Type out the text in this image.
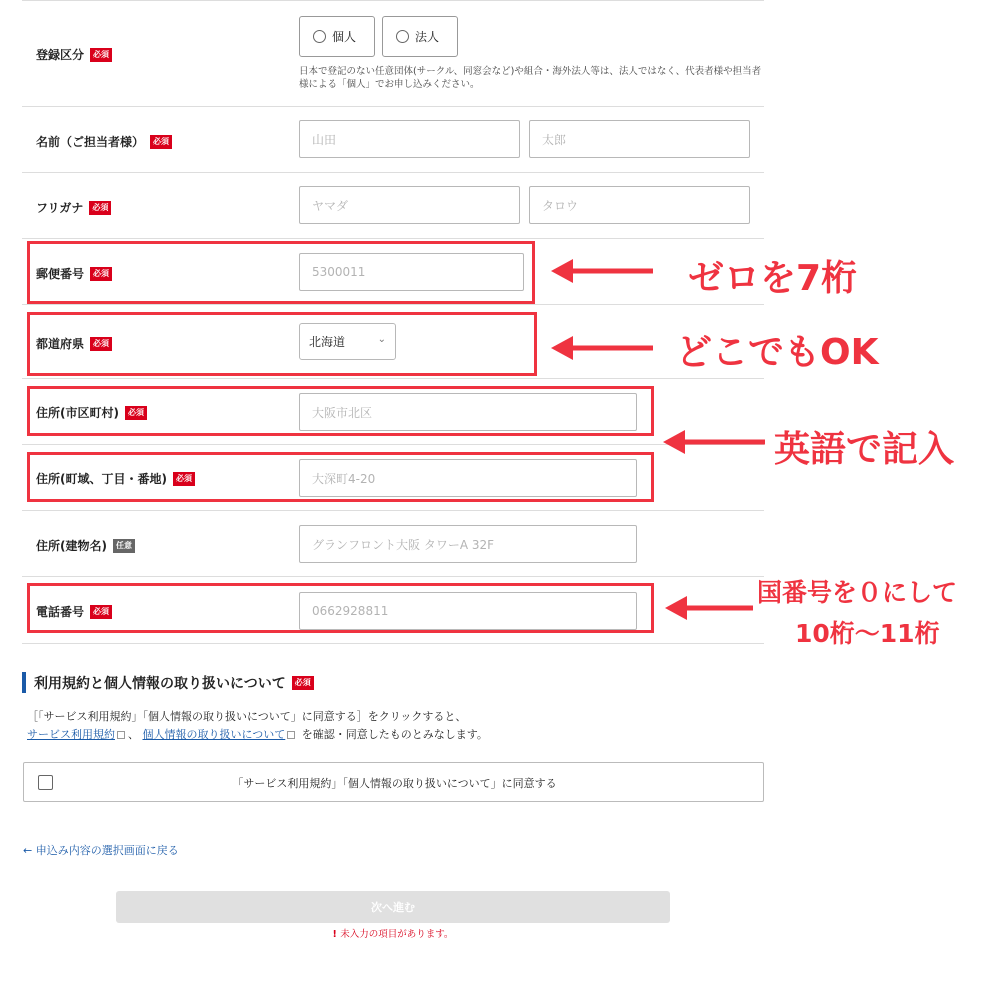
登録区分	必須
個人	法人
日本で登記のない任意団体(サークル、同窓会など)や組合・海外法人等は、法人ではなく、代表者様や担当者様による「個人」でお申し込みください。
名前（ご担当者様）	必須	山田	太郎
フリガナ	必須	ヤマダ	タロウ
郵便番号	必須	5300011
都道府県	必須	北海道	⌄
住所(市区町村)	必須	大阪市北区
住所(町域、丁目・番地)	必須	大深町4-20
住所(建物名)	任意	グランフロント大阪 タワーA 32F
電話番号	必須	0662928811
ゼロを7桁
どこでもOK
英語で記入
国番号を０にして
10桁〜11桁
利用規約と個人情報の取り扱いについて	必須
［「サービス利用規約」「個人情報の取り扱いについて」に同意する］をクリックすると、
サービス利用規約 、 個人情報の取り扱いについて を確認・同意したものとみなします。
「サービス利用規約」「個人情報の取り扱いについて」に同意する
← 申込み内容の選択画面に戻る
次へ進む
! 未入力の項目があります。
